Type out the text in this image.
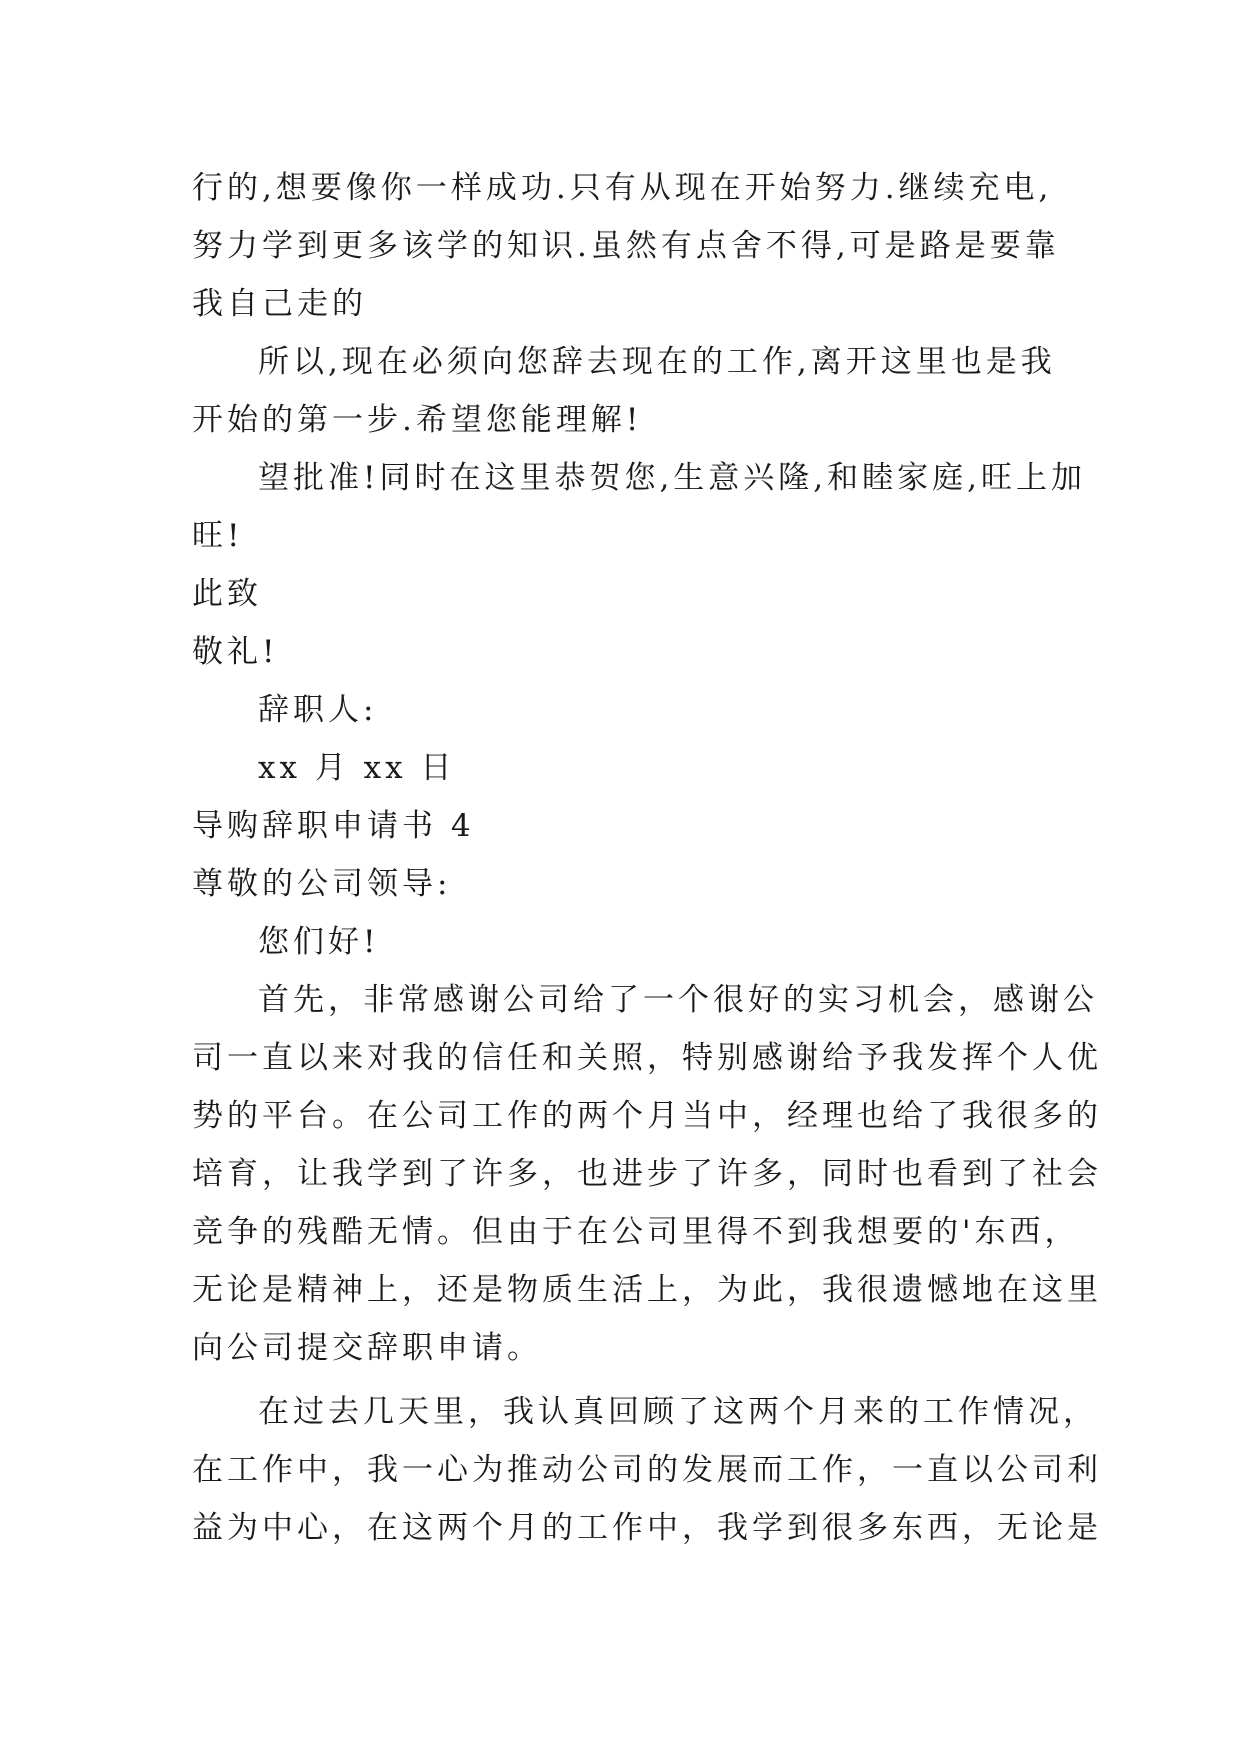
行的,想要像你一样成功.只有从现在开始努力.继续充电,
努力学到更多该学的知识.虽然有点舍不得,可是路是要靠
我自己走的
所以,现在必须向您辞去现在的工作,离开这里也是我
开始的第一步.希望您能理解!
望批准!同时在这里恭贺您,生意兴隆,和睦家庭,旺上加
旺!
此致
敬礼!
辞职人:
xx 月 xx 日
导购辞职申请书 4
尊敬的公司领导:
您们好!
首先，非常感谢公司给了一个很好的实习机会，感谢公
司一直以来对我的信任和关照，特别感谢给予我发挥个人优
势的平台。在公司工作的两个月当中，经理也给了我很多的
培育，让我学到了许多，也进步了许多，同时也看到了社会
竞争的残酷无情。但由于在公司里得不到我想要的'东西，
无论是精神上，还是物质生活上，为此，我很遗憾地在这里
向公司提交辞职申请。
在过去几天里，我认真回顾了这两个月来的工作情况，
在工作中，我一心为推动公司的发展而工作，一直以公司利
益为中心，在这两个月的工作中，我学到很多东西，无论是
